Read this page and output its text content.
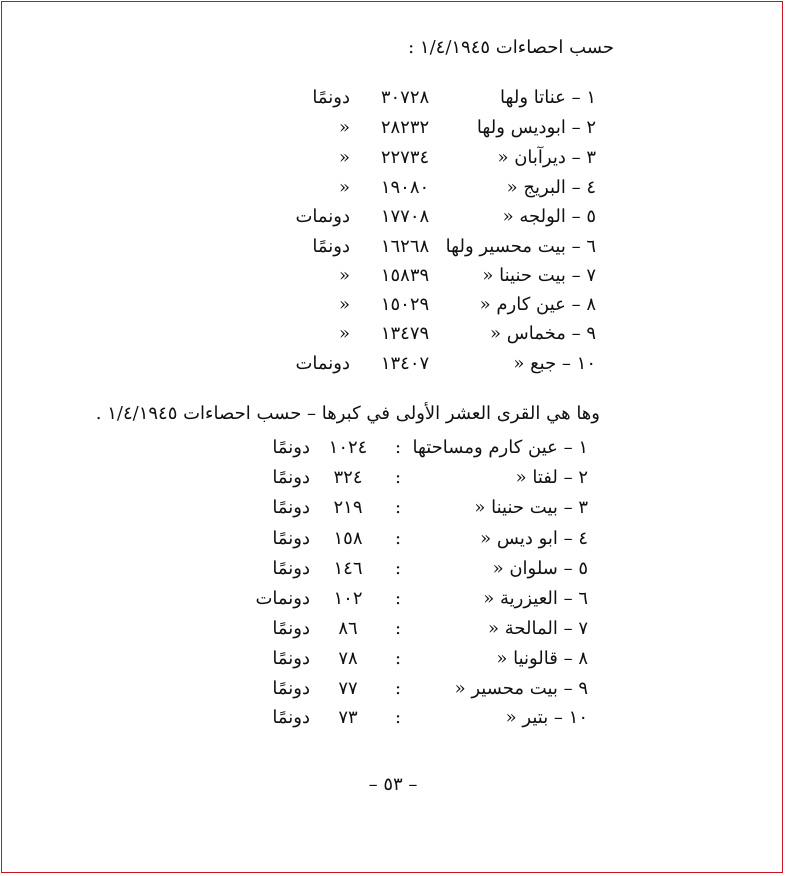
حسب احصاءات ١/٤/١٩٤٥ :
١ – عناتا ولها
٣٠٧٢٨
دونمًا
٢ – ابوديس ولها
٢٨٢٣٢
«
٣ – ديرآبان «
٢٢٧٣٤
«
٤ – البريج «
١٩٠٨٠
«
٥ – الولجه «
١٧٧٠٨
دونمات
٦ – بيت محسير ولها
١٦٢٦٨
دونمًا
٧ – بيت حنينا «
١٥٨٣٩
«
٨ – عين كارم «
١٥٠٢٩
«
٩ – مخماس «
١٣٤٧٩
«
١٠ – جبع «
١٣٤٠٧
دونمات
وها هي القرى العشر الأولى في كبرها – حسب احصاءات ١/٤/١٩٤٥ .
١ – عين كارم ومساحتها
:
١٠٢٤
دونمًا
٢ – لفتا «
:
٣٢٤
دونمًا
٣ – بيت حنينا «
:
٢١٩
دونمًا
٤ – ابو ديس «
:
١٥٨
دونمًا
٥ – سلوان «
:
١٤٦
دونمًا
٦ – العيزرية «
:
١٠٢
دونمات
٧ – المالحة «
:
٨٦
دونمًا
٨ – قالونيا «
:
٧٨
دونمًا
٩ – بيت محسير «
:
٧٧
دونمًا
١٠ – بتير «
:
٧٣
دونمًا
– ٥٣ –
